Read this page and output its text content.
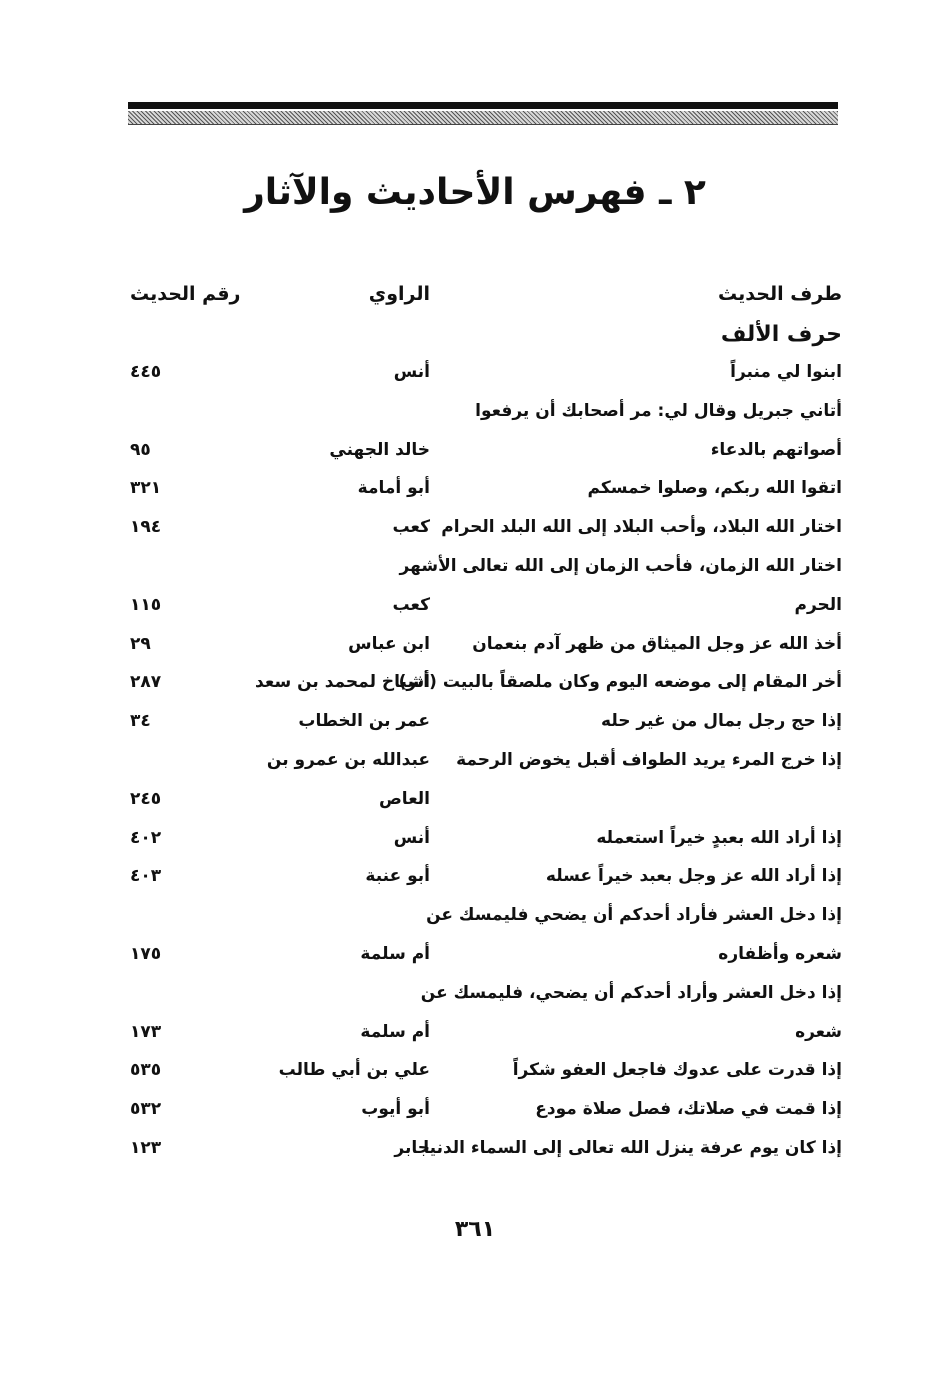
٢ ـ فهرس الأحاديث والآثار
طرف الحديث
الراوي
رقم الحديث
حرف الألف
ابنوا لي منبراً
أنس
٤٤٥
أتاني جبريل وقال لي: مر أصحابك أن يرفعوا
أصواتهم بالدعاء
خالد الجهني
٩٥
اتقوا الله ربكم، وصلوا خمسكم
أبو أمامة
٣٢١
اختار الله البلاد، وأحب البلاد إلى الله البلد الحرام
كعب
١٩٤
اختار الله الزمان، فأحب الزمان إلى الله تعالى الأشهر
الحرم
كعب
١١٥
أخذ الله عز وجل الميثاق من ظهر آدم بنعمان
ابن عباس
٢٩
أخر المقام إلى موضعه اليوم وكان ملصقاً بالبيت (أثر)
أشياخ لمحمد بن سعد
٢٨٧
إذا حج رجل بمال من غير حله
عمر بن الخطاب
٣٤
إذا خرج المرء يريد الطواف أقبل يخوض الرحمة
عبدالله بن عمرو بن
العاص
٢٤٥
إذا أراد الله بعبدٍ خيراً استعمله
أنس
٤٠٢
إذا أراد الله عز وجل بعبد خيراً عسله
أبو عنبة
٤٠٣
إذا دخل العشر فأراد أحدكم أن يضحي فليمسك عن
شعره وأظفاره
أم سلمة
١٧٥
إذا دخل العشر وأراد أحدكم أن يضحي، فليمسك عن
شعره
أم سلمة
١٧٣
إذا قدرت على عدوك فاجعل العفو شكراً
علي بن أبي طالب
٥٣٥
إذا قمت في صلاتك، فصل صلاة مودع
أبو أيوب
٥٣٢
إذا كان يوم عرفة ينزل الله تعالى إلى السماء الدنيا
جابر
١٢٣
٣٦١
